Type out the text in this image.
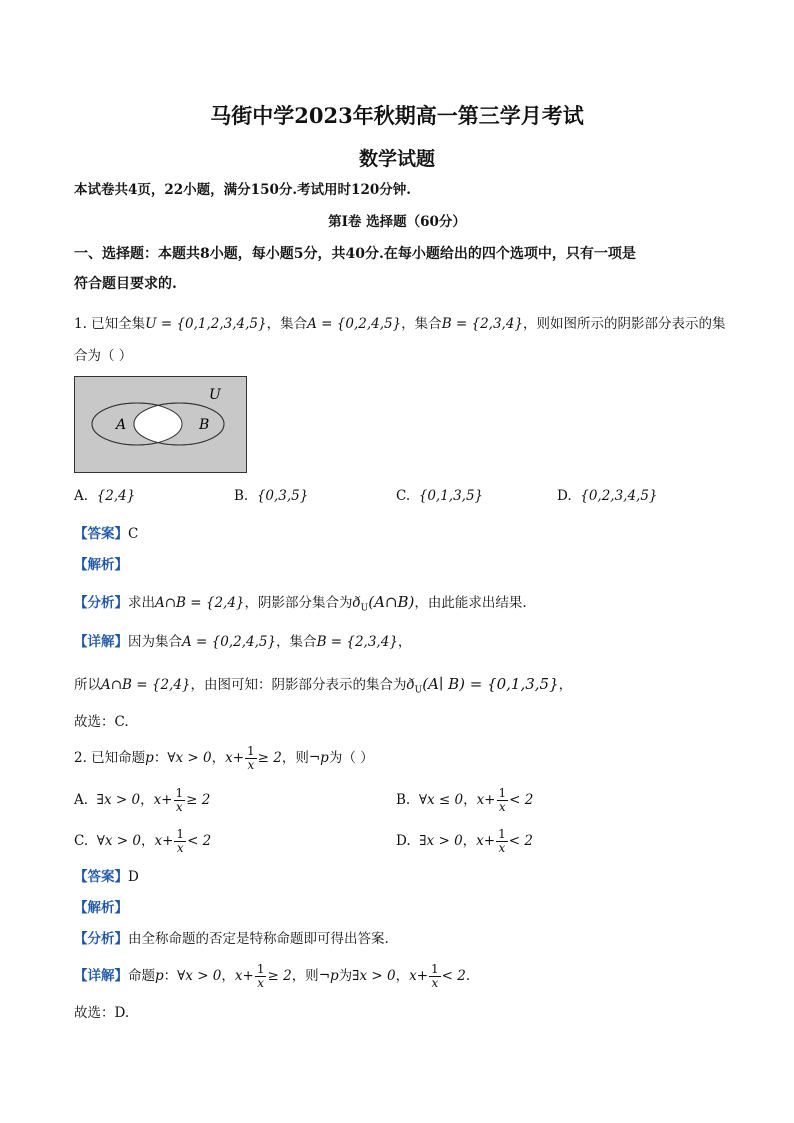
马街中学2023年秋期高一第三学月考试
数学试题
本试卷共4页，22小题，满分150分.考试用时120分钟.
第Ⅰ卷 选择题（60分）
一、选择题：本题共8小题，每小题5分，共40分.在每小题给出的四个选项中，只有一项是
符合题目要求的.
1. 已知全集U = {0,1,2,3,4,5}，集合A = {0,2,4,5}，集合B = {2,3,4}，则如图所示的阴影部分表示的集
合为（ ）
U
A	B
A. {2,4}	B. {0,3,5}	C. {0,1,3,5}	D. {0,2,3,4,5}
【答案】C
【解析】
【分析】求出A∩B = {2,4}，阴影部分集合为$ð_U(A\cap B)$，由此能求出结果.
【详解】因为集合A = {0,2,4,5}，集合B = {2,3,4}，
所以A∩B = {2,4}，由图可知：阴影部分表示的集合为$ð_U(A∣$ B) = {0,1,3,5}，
故选：C.
2. 已知命题p：∀x > 0，$x+ \frac{1}{x} \ge 2$，则¬p为（ ）
A. ∃x > 0，$x+ \frac{1}{x} \ge 2$	B. ∀x ≤ 0，$x+ \frac{1}{x} < 2$
C. ∀x > 0，$x+ \frac{1}{x} < 2$	D. ∃x > 0，$x+ \frac{1}{x} < 2$
【答案】D
【解析】
【分析】由全称命题的否定是特称命题即可得出答案.
【详解】命题p：∀x > 0，$x+ \frac{1}{x} \ge 2$，则¬p为∃x > 0，$x+ \frac{1}{x} < 2$.
故选：D.
